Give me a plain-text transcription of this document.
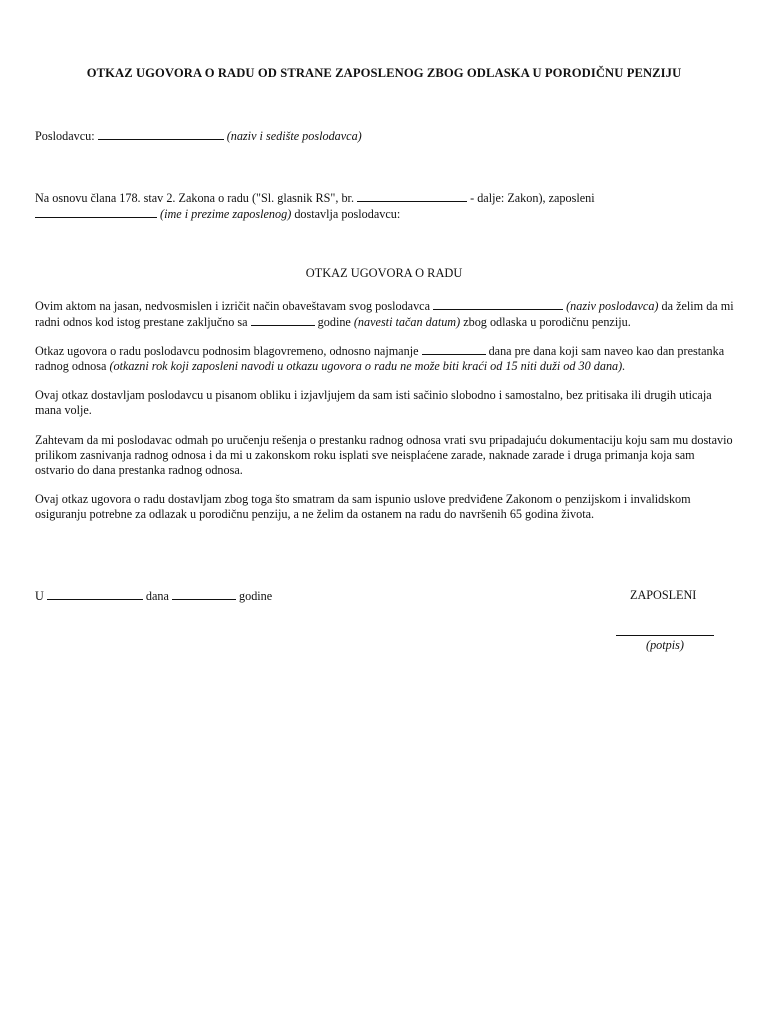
OTKAZ UGOVORA O RADU OD STRANE ZAPOSLENOG ZBOG ODLASKA U PORODIČNU PENZIJU
Poslodavcu:	(naziv i sedište poslodavca)
Na osnovu člana 178. stav 2. Zakona o radu ("Sl. glasnik RS", br.	- dalje: Zakon), zaposleni
(ime i prezime zaposlenog) dostavlja poslodavcu:
OTKAZ UGOVORA O RADU
Ovim aktom na jasan, nedvosmislen i izričit način obaveštavam svog poslodavca	(naziv poslodavca) da želim da mi radni odnos kod istog prestane zaključno sa	godine (navesti tačan datum) zbog odlaska u porodičnu penziju.
Otkaz ugovora o radu poslodavcu podnosim blagovremeno, odnosno najmanje	dana pre dana koji sam naveo kao dan prestanka radnog odnosa (otkazni rok koji zaposleni navodi u otkazu ugovora o radu ne može biti kraći od 15 niti duži od 30 dana).
Ovaj otkaz dostavljam poslodavcu u pisanom obliku i izjavljujem da sam isti sačinio slobodno i samostalno, bez pritisaka ili drugih uticaja mana volje.
Zahtevam da mi poslodavac odmah po uručenju rešenja o prestanku radnog odnosa vrati svu pripadajuću dokumentaciju koju sam mu dostavio prilikom zasnivanja radnog odnosa i da mi u zakonskom roku isplati sve neisplaćene zarade, naknade zarade i druga primanja koja sam ostvario do dana prestanka radnog odnosa.
Ovaj otkaz ugovora o radu dostavljam zbog toga što smatram da sam ispunio uslove predviđene Zakonom o penzijskom i invalidskom osiguranju potrebne za odlazak u porodičnu penziju, a ne želim da ostanem na radu do navršenih 65 godina života.
U	dana	godine	ZAPOSLENI
(potpis)
